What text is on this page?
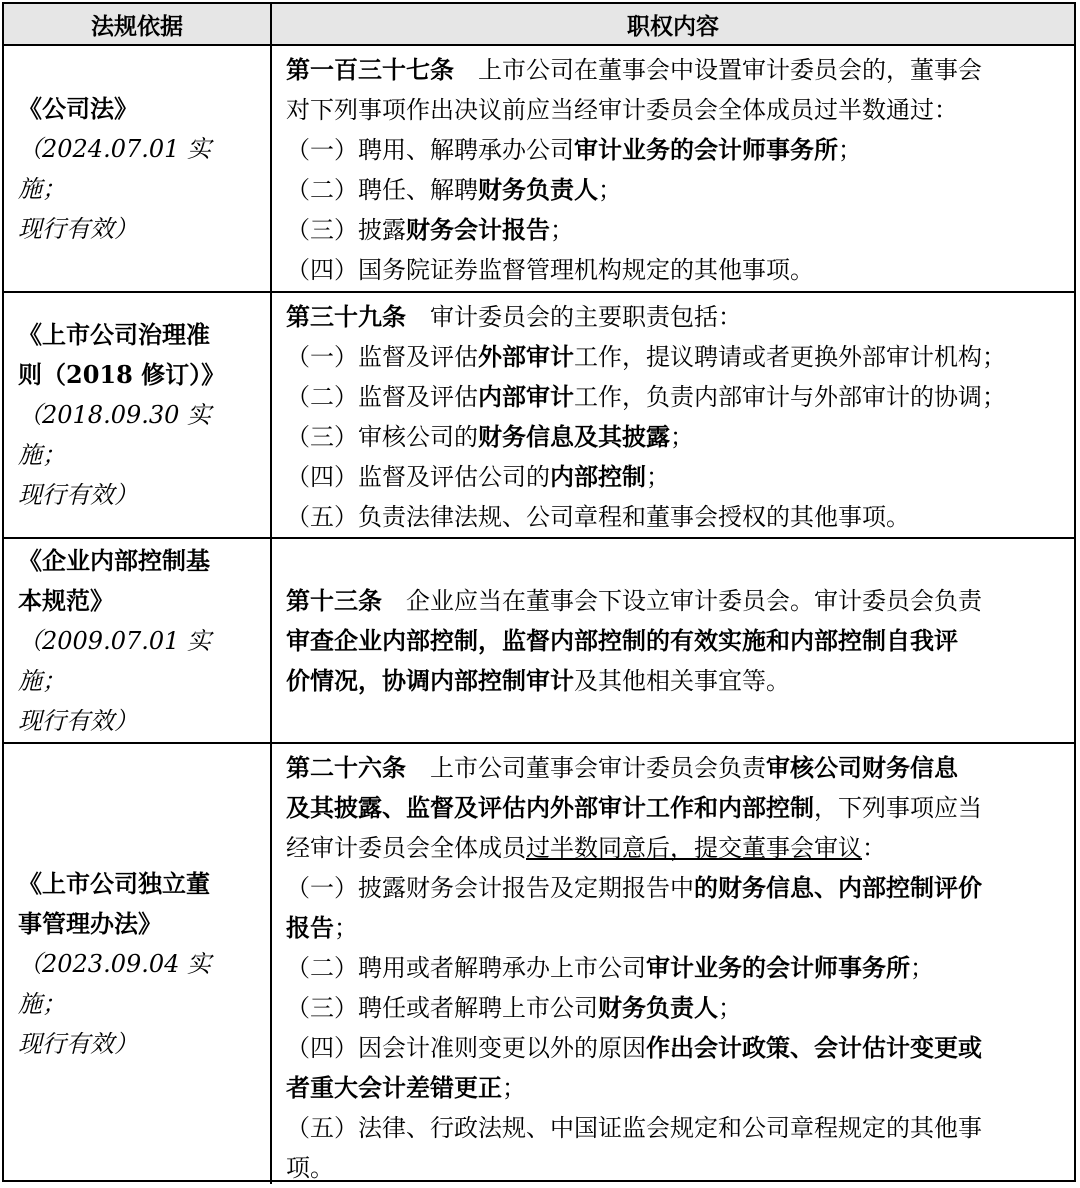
法规依据	职权内容
《公司法》
（2024.07.01 实施；
现行有效）
第一百三十七条　上市公司在董事会中设置审计委员会的，董事会
对下列事项作出决议前应当经审计委员会全体成员过半数通过：
（一）聘用、解聘承办公司审计业务的会计师事务所；
（二）聘任、解聘财务负责人；
（三）披露财务会计报告；
（四）国务院证券监督管理机构规定的其他事项。
《上市公司治理准
则（2018 修订）》
（2018.09.30 实施；
现行有效）
第三十九条　审计委员会的主要职责包括：
（一）监督及评估外部审计工作，提议聘请或者更换外部审计机构；
（二）监督及评估内部审计工作，负责内部审计与外部审计的协调；
（三）审核公司的财务信息及其披露；
（四）监督及评估公司的内部控制；
（五）负责法律法规、公司章程和董事会授权的其他事项。
《企业内部控制基
本规范》
（2009.07.01 实施；
现行有效）
第十三条　企业应当在董事会下设立审计委员会。审计委员会负责
审查企业内部控制，监督内部控制的有效实施和内部控制自我评
价情况，协调内部控制审计及其他相关事宜等。
《上市公司独立董
事管理办法》
（2023.09.04 实施；
现行有效）
第二十六条　上市公司董事会审计委员会负责审核公司财务信息
及其披露、监督及评估内外部审计工作和内部控制，下列事项应当
经审计委员会全体成员过半数同意后，提交董事会审议：
（一）披露财务会计报告及定期报告中的财务信息、内部控制评价
报告；
（二）聘用或者解聘承办上市公司审计业务的会计师事务所；
（三）聘任或者解聘上市公司财务负责人；
（四）因会计准则变更以外的原因作出会计政策、会计估计变更或
者重大会计差错更正；
（五）法律、行政法规、中国证监会规定和公司章程规定的其他事
项。
